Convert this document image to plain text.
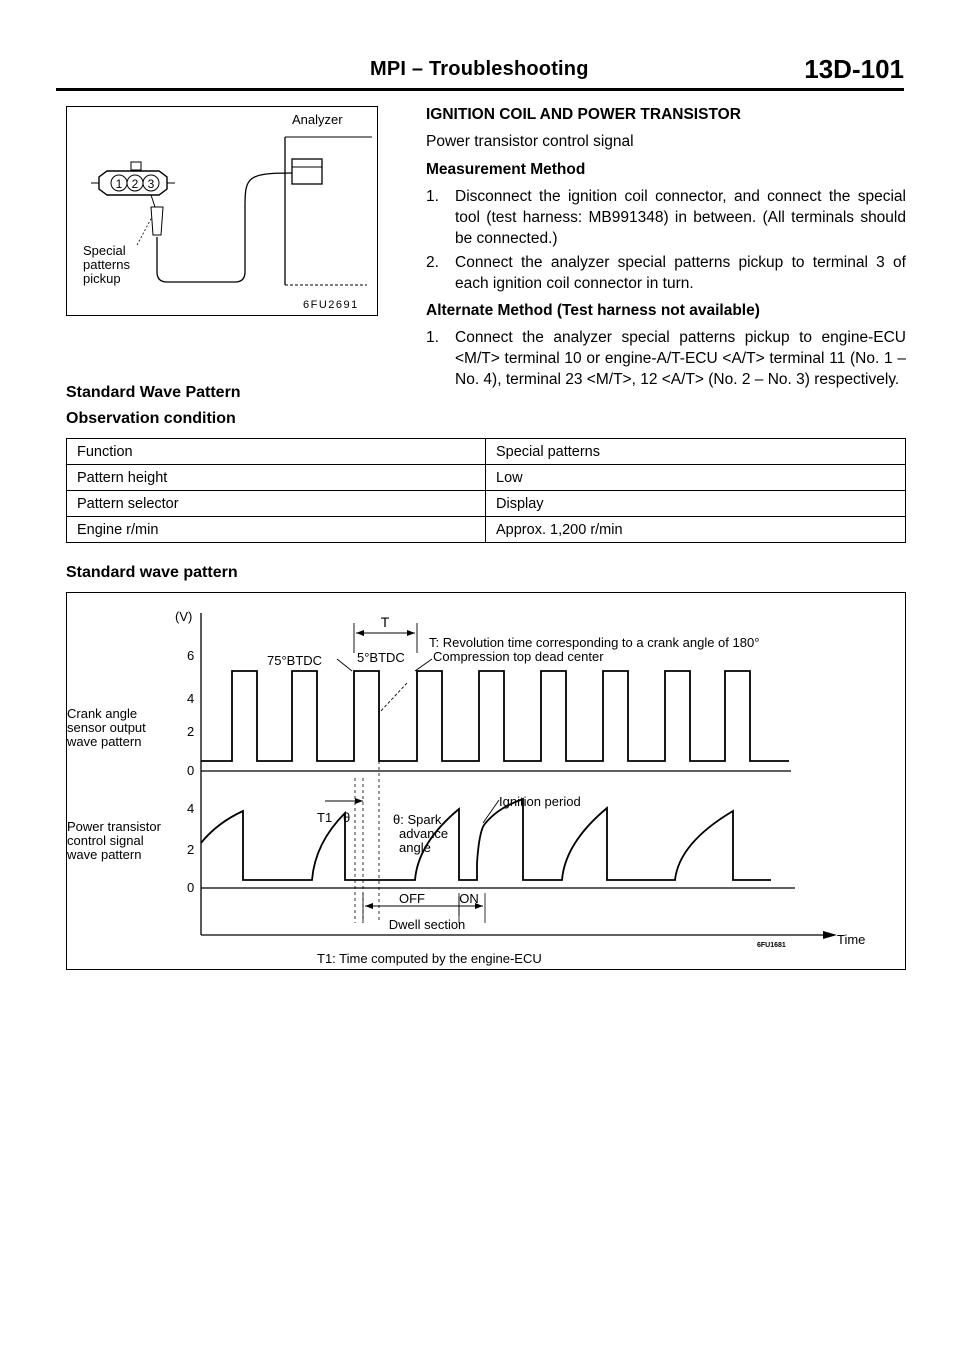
MPI – Troubleshooting	13D-101
Analyzer
1 2 3
Special
patterns
pickup
6FU2691
IGNITION COIL AND POWER TRANSISTOR
Power transistor control signal
Measurement Method
1. Disconnect the ignition coil connector, and connect the special tool (test harness: MB991348) in between. (All terminals should be connected.)
2. Connect the analyzer special patterns pickup to terminal 3 of each ignition coil connector in turn.
Alternate Method (Test harness not available)
1. Connect the analyzer special patterns pickup to engine-ECU <M/T> terminal 10 or engine-A/T-ECU <A/T> terminal 11 (No. 1 – No. 4), terminal 23 <M/T>, 12 <A/T> (No. 2 – No. 3) respectively.
Standard Wave Pattern
Observation condition
Function	Special patterns
Pattern height	Low
Pattern selector	Display
Engine r/min	Approx. 1,200 r/min
Standard wave pattern
(V)
6
4
2
0
4
2
0
Crank angle
sensor output
wave pattern
Power transistor
control signal
wave pattern
Time
6FU1681
T
T: Revolution time corresponding to a crank angle of 180°
Compression top dead center
75°BTDC	5°BTDC
T1 θ	θ: Spark
advance
angle
Ignition period
OFF	ON
Dwell section
T1: Time computed by the engine-ECU
